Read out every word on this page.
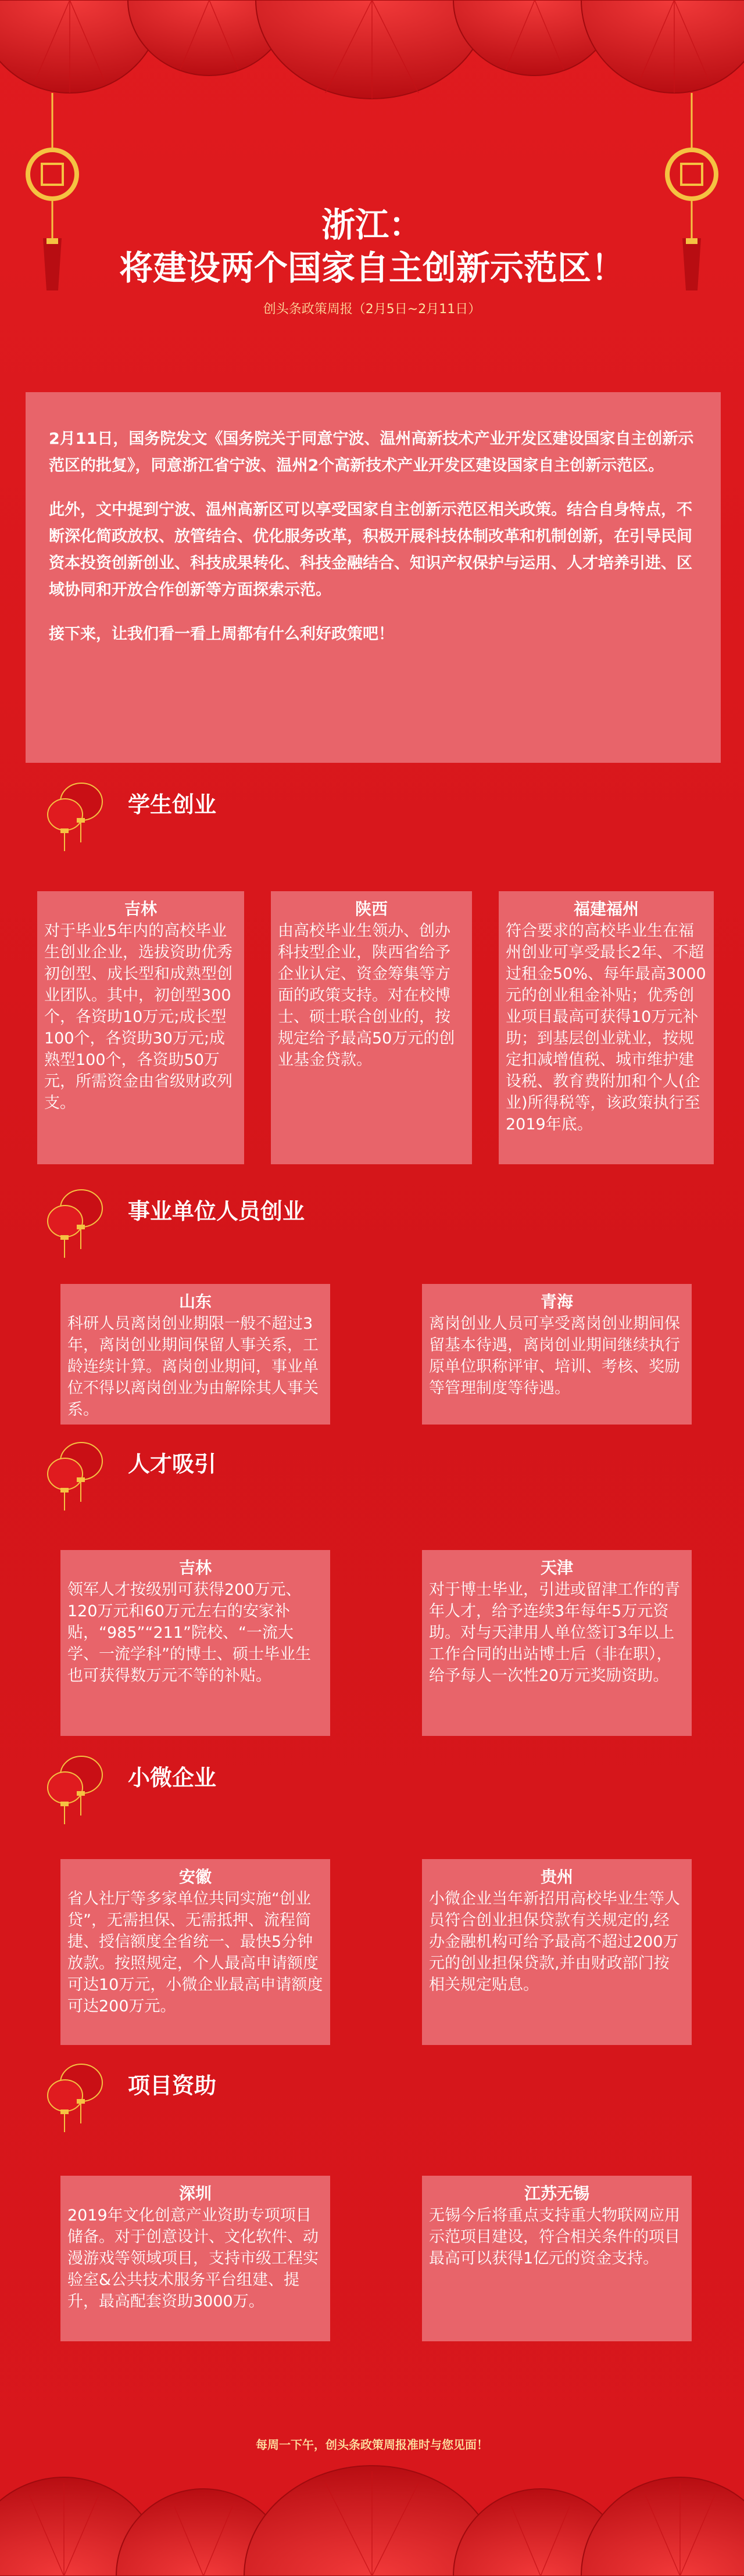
浙江：
将建设两个国家自主创新示范区！
创头条政策周报（2月5日~2月11日）

2月11日，国务院发文《国务院关于同意宁波、温州高新技术产业开发区建设国家自主创新示范区的批复》，同意浙江省宁波、温州2个高新技术产业开发区建设国家自主创新示范区。

此外，文中提到宁波、温州高新区可以享受国家自主创新示范区相关政策。结合自身特点，不断深化简政放权、放管结合、优化服务改革，积极开展科技体制改革和机制创新，在引导民间资本投资创新创业、科技成果转化、科技金融结合、知识产权保护与运用、人才培养引进、区域协同和开放合作创新等方面探索示范。

接下来，让我们看一看上周都有什么利好政策吧！

学生创业
吉林
对于毕业5年内的高校毕业生创业企业，选拔资助优秀初创型、成长型和成熟型创业团队。其中，初创型300个，各资助10万元;成长型100个，各资助30万元;成熟型100个，各资助50万元，所需资金由省级财政列支。
陕西
由高校毕业生领办、创办科技型企业，陕西省给予企业认定、资金筹集等方面的政策支持。对在校博士、硕士联合创业的，按规定给予最高50万元的创业基金贷款。
福建福州
符合要求的高校毕业生在福州创业可享受最长2年、不超过租金50%、每年最高3000元的创业租金补贴；优秀创业项目最高可获得10万元补助；到基层创业就业，按规定扣减增值税、城市维护建设税、教育费附加和个人(企业)所得税等，该政策执行至2019年底。
事业单位人员创业
山东
科研人员离岗创业期限一般不超过3年，离岗创业期间保留人事关系，工龄连续计算。离岗创业期间，事业单位不得以离岗创业为由解除其人事关系。
青海
离岗创业人员可享受离岗创业期间保留基本待遇，离岗创业期间继续执行原单位职称评审、培训、考核、奖励等管理制度等待遇。
人才吸引
吉林
领军人才按级别可获得200万元、120万元和60万元左右的安家补贴，“985”“211”院校、“一流大学、一流学科”的博士、硕士毕业生也可获得数万元不等的补贴。
天津
对于博士毕业，引进或留津工作的青年人才，给予连续3年每年5万元资助。对与天津用人单位签订3年以上工作合同的出站博士后（非在职），给予每人一次性20万元奖励资助。
小微企业
安徽
省人社厅等多家单位共同实施“创业贷”，无需担保、无需抵押、流程简捷、授信额度全省统一、最快5分钟放款。按照规定，个人最高申请额度可达10万元，小微企业最高申请额度可达200万元。
贵州
小微企业当年新招用高校毕业生等人员符合创业担保贷款有关规定的,经办金融机构可给予最高不超过200万元的创业担保贷款,并由财政部门按相关规定贴息。
项目资助
深圳
2019年文化创意产业资助专项项目储备。对于创意设计、文化软件、动漫游戏等领域项目，支持市级工程实验室&公共技术服务平台组建、提升，最高配套资助3000万。
江苏无锡
无锡今后将重点支持重大物联网应用示范项目建设，符合相关条件的项目最高可以获得1亿元的资金支持。
每周一下午，创头条政策周报准时与您见面！
